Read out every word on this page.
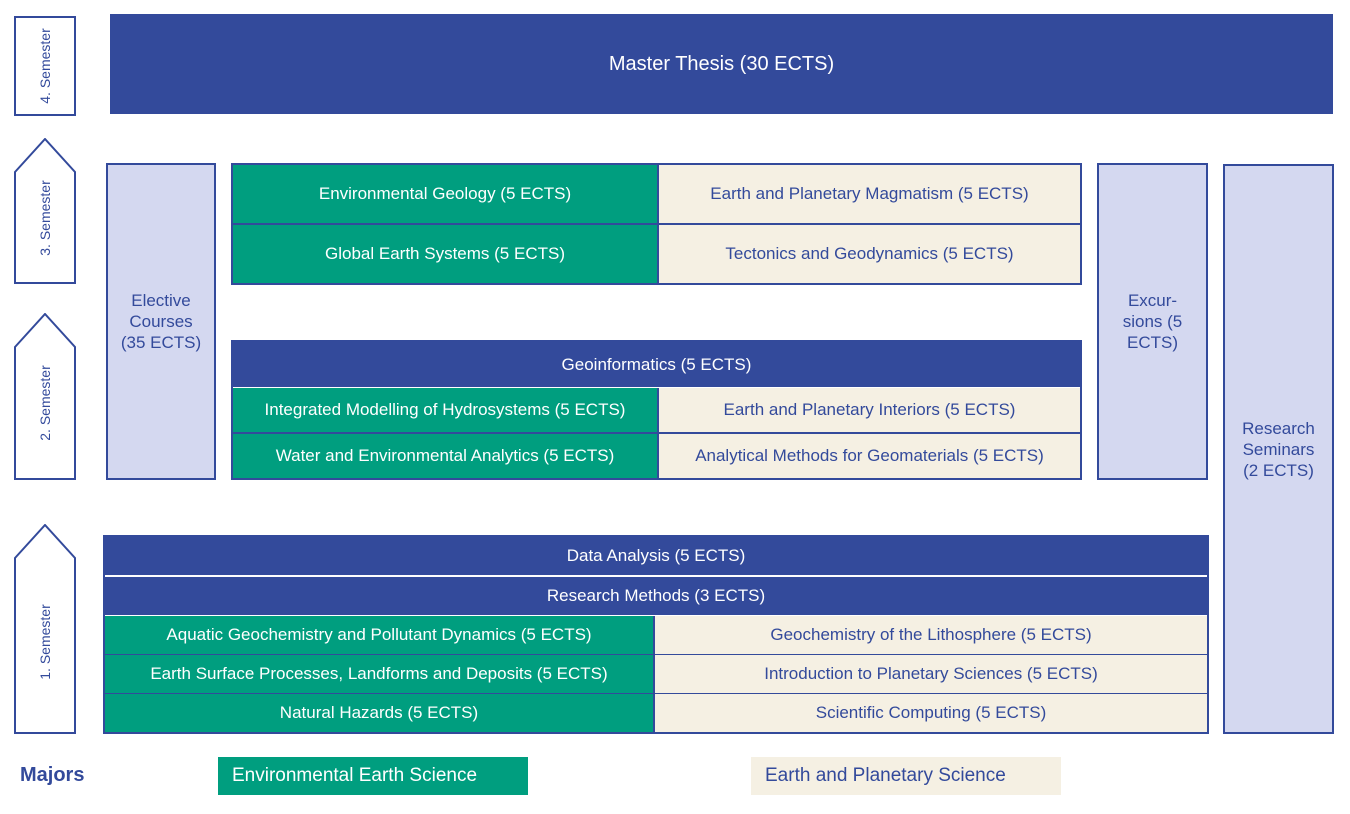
4. Semester
3. Semester
2. Semester
1. Semester
Master Thesis (30 ECTS)
Elective Courses (35 ECTS)
Excur-sions (5 ECTS)
Research Seminars (2 ECTS)
Environmental Geology (5 ECTS)	Earth and Planetary Magmatism (5 ECTS)
Global Earth Systems (5 ECTS)	Tectonics and Geodynamics (5 ECTS)
Geoinformatics (5 ECTS)
Integrated Modelling of Hydrosystems (5 ECTS)	Earth and Planetary Interiors (5 ECTS)
Water and Environmental Analytics (5 ECTS)	Analytical Methods for Geomaterials (5 ECTS)
Data Analysis (5 ECTS)
Research Methods (3 ECTS)
Aquatic Geochemistry and Pollutant Dynamics (5 ECTS)	Geochemistry of the Lithosphere (5 ECTS)
Earth Surface Processes, Landforms and Deposits (5 ECTS)	Introduction to Planetary Sciences (5 ECTS)
Natural Hazards (5 ECTS)	Scientific Computing (5 ECTS)
Majors	Environmental Earth Science	Earth and Planetary Science
